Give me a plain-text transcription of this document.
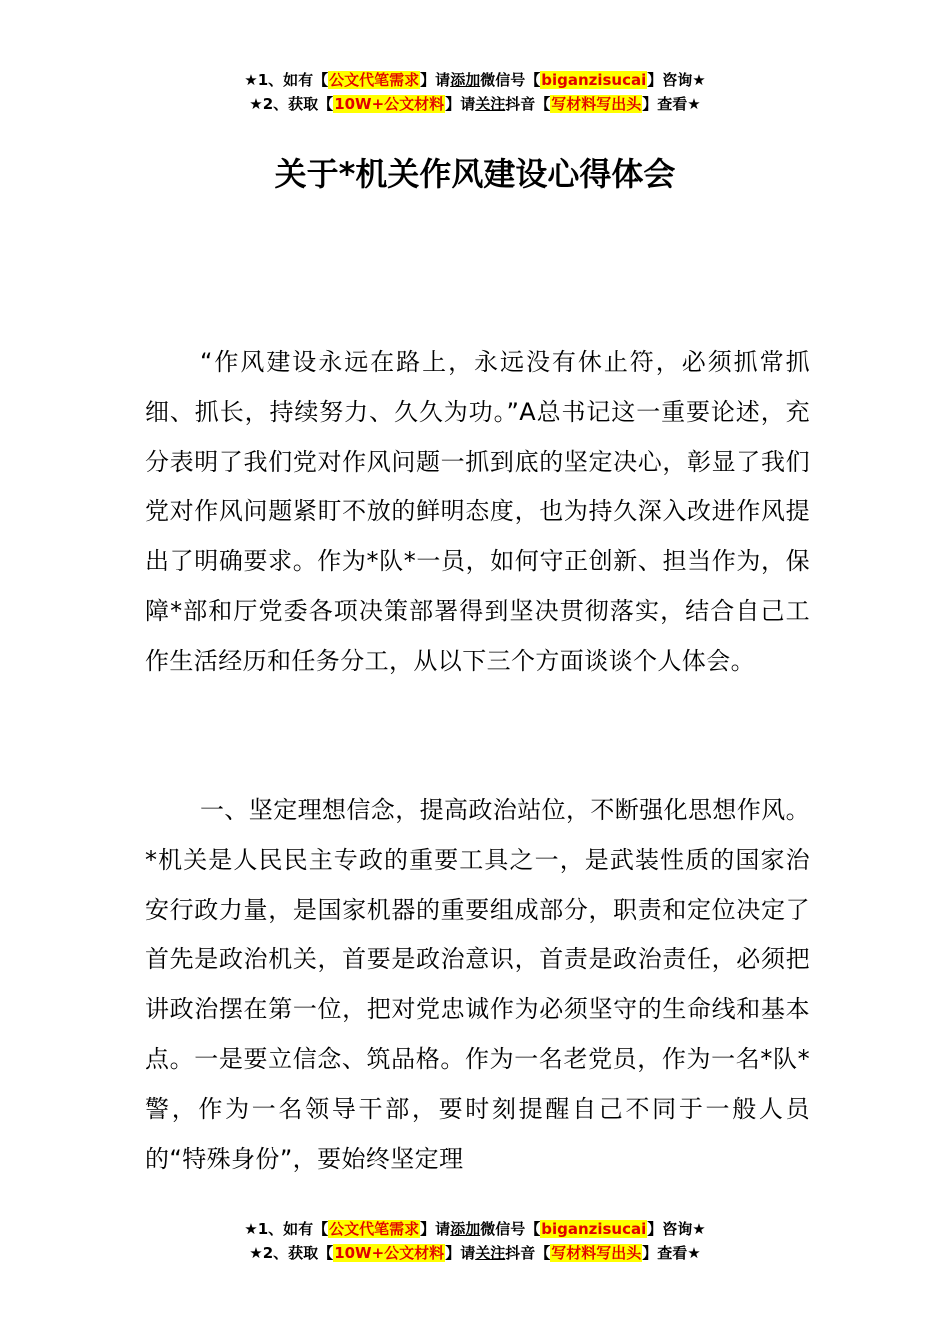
★1、如有【公文代笔需求】请添加微信号【biganzisucai】咨询★
★2、获取【10W+公文材料】请关注抖音【写材料写出头】查看★
关于*机关作风建设心得体会

“作风建设永远在路上，永远没有休止符，必须抓常抓细、抓长，持续努力、久久为功。”A总书记这一重要论述，充分表明了我们党对作风问题一抓到底的坚定决心，彰显了我们党对作风问题紧盯不放的鲜明态度，也为持久深入改进作风提出了明确要求。作为*队*一员，如何守正创新、担当作为，保障*部和厅党委各项决策部署得到坚决贯彻落实，结合自己工作生活经历和任务分工，从以下三个方面谈谈个人体会。

一、坚定理想信念，提高政治站位，不断强化思想作风。*机关是人民民主专政的重要工具之一，是武装性质的国家治安行政力量，是国家机器的重要组成部分，职责和定位决定了首先是政治机关，首要是政治意识，首责是政治责任，必须把讲政治摆在第一位，把对党忠诚作为必须坚守的生命线和基本点。一是要立信念、筑品格。作为一名老党员，作为一名*队*警，作为一名领导干部，要时刻提醒自己不同于一般人员的“特殊身份”，要始终坚定理

★1、如有【公文代笔需求】请添加微信号【biganzisucai】咨询★
★2、获取【10W+公文材料】请关注抖音【写材料写出头】查看★
